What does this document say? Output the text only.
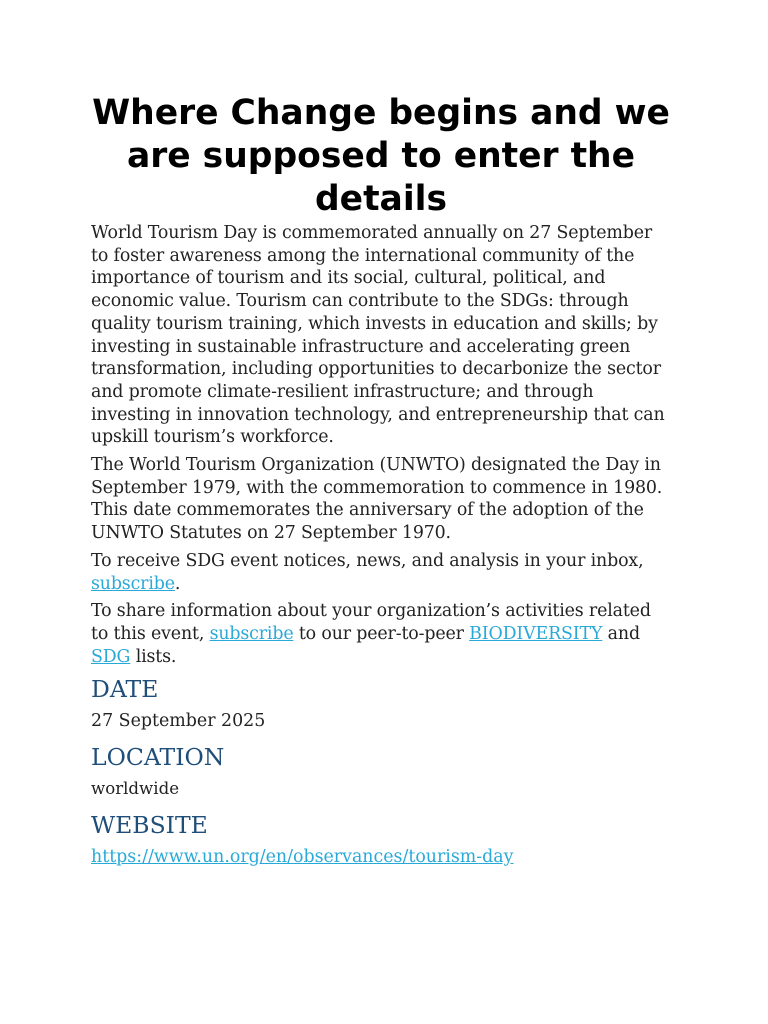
Where Change begins and we are supposed to enter the details

World Tourism Day is commemorated annually on 27 September to foster awareness among the international community of the importance of tourism and its social, cultural, political, and economic value. Tourism can contribute to the SDGs: through quality tourism training, which invests in education and skills; by investing in sustainable infrastructure and accelerating green transformation, including opportunities to decarbonize the sector and promote climate-resilient infrastructure; and through investing in innovation technology, and entrepreneurship that can upskill tourism’s workforce.

The World Tourism Organization (UNWTO) designated the Day in September 1979, with the commemoration to commence in 1980. This date commemorates the anniversary of the adoption of the UNWTO Statutes on 27 September 1970.

To receive SDG event notices, news, and analysis in your inbox, subscribe.

To share information about your organization’s activities related to this event, subscribe to our peer-to-peer BIODIVERSITY and SDG lists.

DATE

27 September 2025

LOCATION

worldwide

WEBSITE

https://www.un.org/en/observances/tourism-day
